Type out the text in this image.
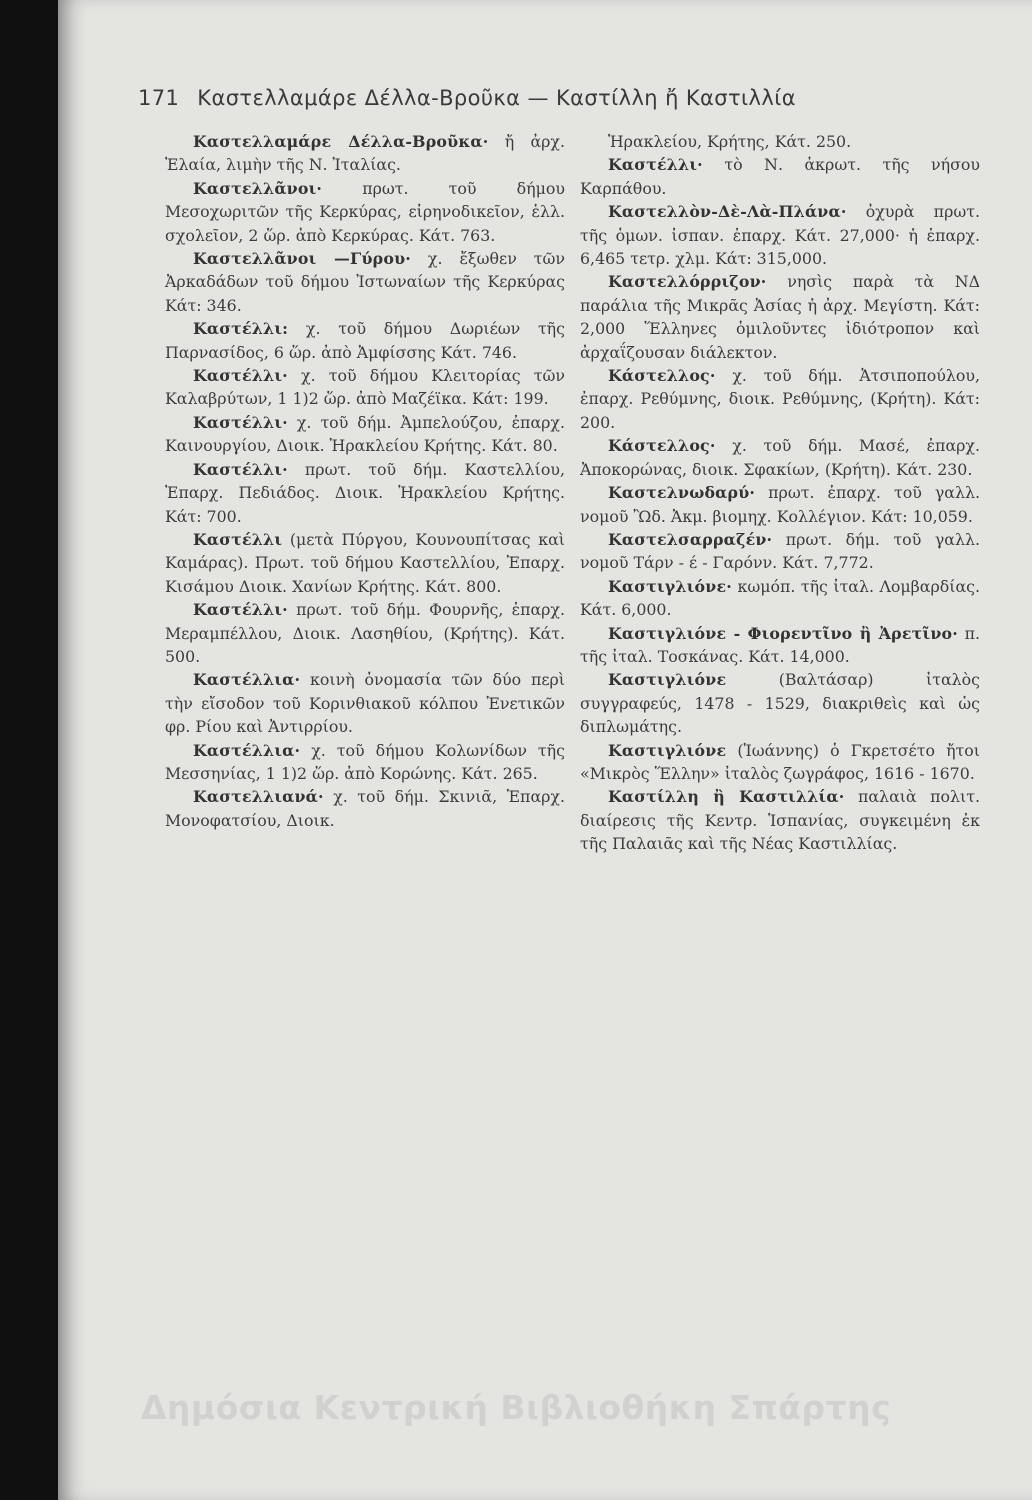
171 Καστελλαμάρε Δέλλα-Βροῦκα — Καστίλλη ἤ Καστιλλία

Καστελλαμάρε Δέλλα-Βροῦκα· ἤ ἀρχ. Ἐλαία, λιμὴν τῆς Ν. Ἰταλίας.

Καστελλᾶνοι· πρωτ. τοῦ δήμου Μεσοχωριτῶν τῆς Κερκύρας, εἰρηνοδικεῖον, ἑλλ. σχολεῖον, 2 ὥρ. ἀπὸ Κερκύρας. Κάτ. 763.

Καστελλᾶνοι —Γύρου· χ. ἔξωθεν τῶν Ἀρκαδάδων τοῦ δήμου Ἰστωναίων τῆς Κερκύρας Κάτ: 346.

Καστέλλι: χ. τοῦ δήμου Δωριέων τῆς Παρνασίδος, 6 ὥρ. ἀπὸ Ἀμφίσσης Κάτ. 746.

Καστέλλι· χ. τοῦ δήμου Κλειτορίας τῶν Καλαβρύτων, 1 1)2 ὥρ. ἀπὸ Μαζέϊκα. Κάτ: 199.

Καστέλλι· χ. τοῦ δήμ. Ἀμπελούζου, ἐπαρχ. Καινουργίου, Διοικ. Ἡρακλείου Κρήτης. Κάτ. 80.

Καστέλλι· πρωτ. τοῦ δήμ. Καστελλίου, Ἐπαρχ. Πεδιάδος. Διοικ. Ἡρακλείου Κρήτης. Κάτ: 700.

Καστέλλι (μετὰ Πύργου, Κουνουπίτσας καὶ Καμάρας). Πρωτ. τοῦ δήμου Καστελλίου, Ἐπαρχ. Κισάμου Διοικ. Χανίων Κρήτης. Κάτ. 800.

Καστέλλι· πρωτ. τοῦ δήμ. Φουρνῆς, ἐπαρχ. Μεραμπέλλου, Διοικ. Λασηθίου, (Κρήτης). Κάτ. 500.

Καστέλλια· κοινὴ ὀνομασία τῶν δύο περὶ τὴν εἴσοδον τοῦ Κορινθιακοῦ κόλπου Ἐνετικῶν φρ. Ρίου καὶ Ἀντιρρίου.

Καστέλλια· χ. τοῦ δήμου Κολωνίδων τῆς Μεσσηνίας, 1 1)2 ὥρ. ἀπὸ Κορώνης. Κάτ. 265.

Καστελλιανά· χ. τοῦ δήμ. Σκινιᾶ, Ἐπαρχ. Μονοφατσίου, Διοικ.

Ἡρακλείου, Κρήτης, Κάτ. 250.

Καστέλλι· τὸ Ν. ἀκρωτ. τῆς νήσου Καρπάθου.

Καστελλὸν-Δὲ-Λὰ-Πλάνα· ὀχυρὰ πρωτ. τῆς ὁμων. ἰσπαν. ἐπαρχ. Κάτ. 27,000· ἡ ἐπαρχ. 6,465 τετρ. χλμ. Κάτ: 315,000.

Καστελλόρριζον· νησὶς παρὰ τὰ ΝΔ παράλια τῆς Μικρᾶς Ἀσίας ἡ ἀρχ. Μεγίστη. Κάτ: 2,000 Ἕλληνες ὁμιλοῦντες ἰδιότροπον καὶ ἀρχαΐζουσαν διάλεκτον.

Κάστελλος· χ. τοῦ δήμ. Ἀτσιποπούλου, ἐπαρχ. Ρεθύμνης, διοικ. Ρεθύμνης, (Κρήτη). Κάτ: 200.

Κάστελλος· χ. τοῦ δήμ. Μασέ, ἐπαρχ. Ἀποκορώνας, διοικ. Σφακίων, (Κρήτη). Κάτ. 230.

Καστελνωδαρύ· πρωτ. ἐπαρχ. τοῦ γαλλ. νομοῦ Ὢδ. Ἀκμ. βιομηχ. Κολλέγιον. Κάτ: 10,059.

Καστελσαρραζέν· πρωτ. δήμ. τοῦ γαλλ. νομοῦ Τάρν - έ - Γαρόνν. Κάτ. 7,772.

Καστιγλιόνε· κωμόπ. τῆς ἰταλ. Λομβαρδίας. Κάτ. 6,000.

Καστιγλιόνε - Φιορεντῖνο ἢ Ἀρετῖνο· π. τῆς ἰταλ. Τοσκάνας. Κάτ. 14,000.

Καστιγλιόνε (Βαλτάσαρ) ἰταλὸς συγγραφεύς, 1478 - 1529, διακριθεὶς καὶ ὡς διπλωμάτης.

Καστιγλιόνε (Ἰωάννης) ὁ Γκρετσέτο ἤτοι «Μικρὸς Ἕλλην» ἰταλὸς ζωγράφος, 1616 - 1670.

Καστίλλη ἢ Καστιλλία· παλαιὰ πολιτ. διαίρεσις τῆς Κεντρ. Ἱσπανίας, συγκειμένη ἐκ τῆς Παλαιᾶς καὶ τῆς Νέας Καστιλλίας.

Δημόσια Κεντρική Βιβλιοθήκη Σπάρτης
